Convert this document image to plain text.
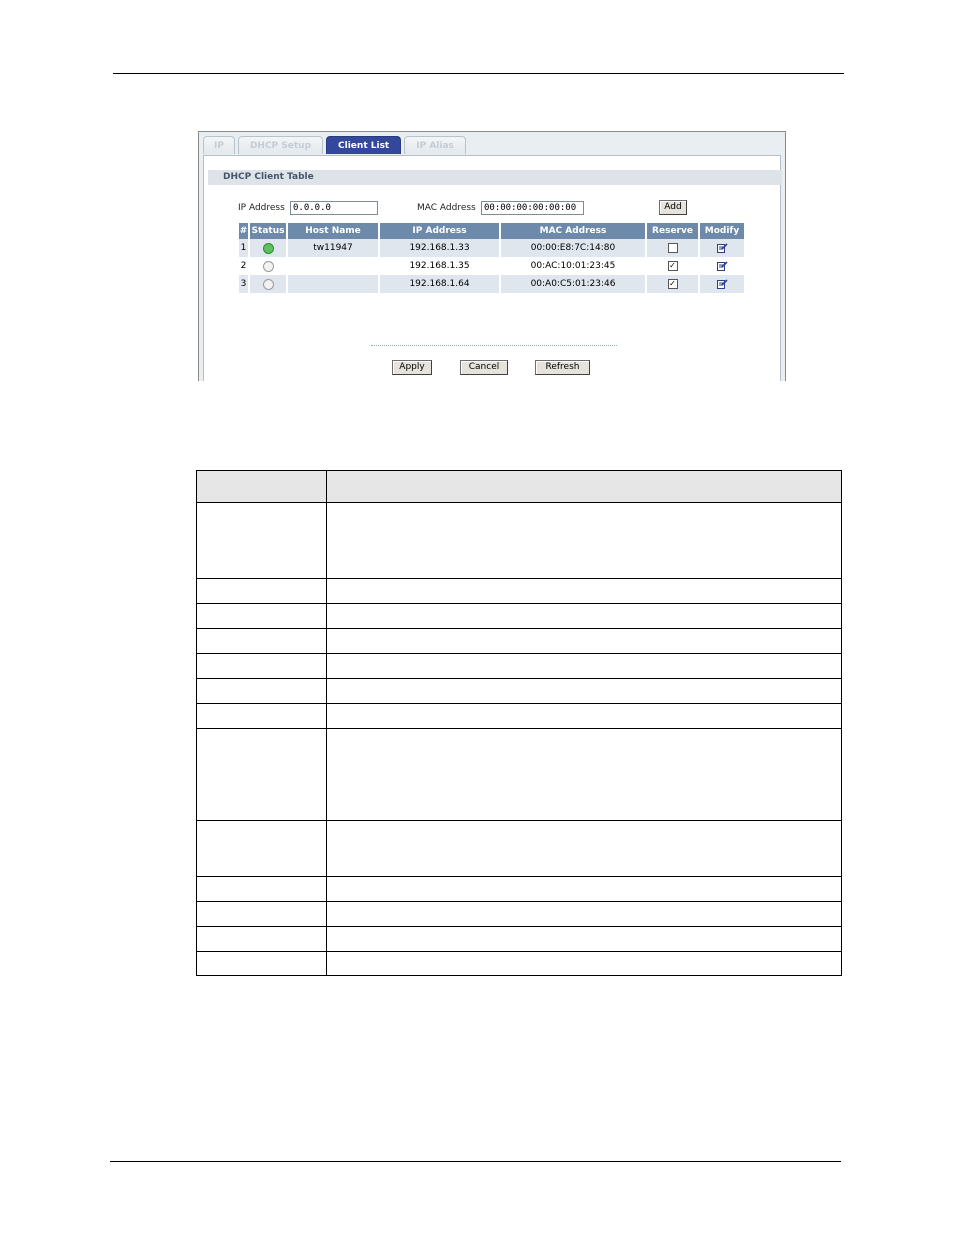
IP	DHCP Setup	Client List	IP Alias
DHCP Client Table
IP Address 0.0.0.0	MAC Address 00:00:00:00:00:00	Add
#	Status	Host Name	IP Address	MAC Address	Reserve	Modify
1		tw11947	192.168.1.33	00:00:E8:7C:14:80		
2			192.168.1.35	00:AC:10:01:23:45	✓	
3			192.168.1.64	00:A0:C5:01:23:46	✓	
Apply	Cancel	Refresh
